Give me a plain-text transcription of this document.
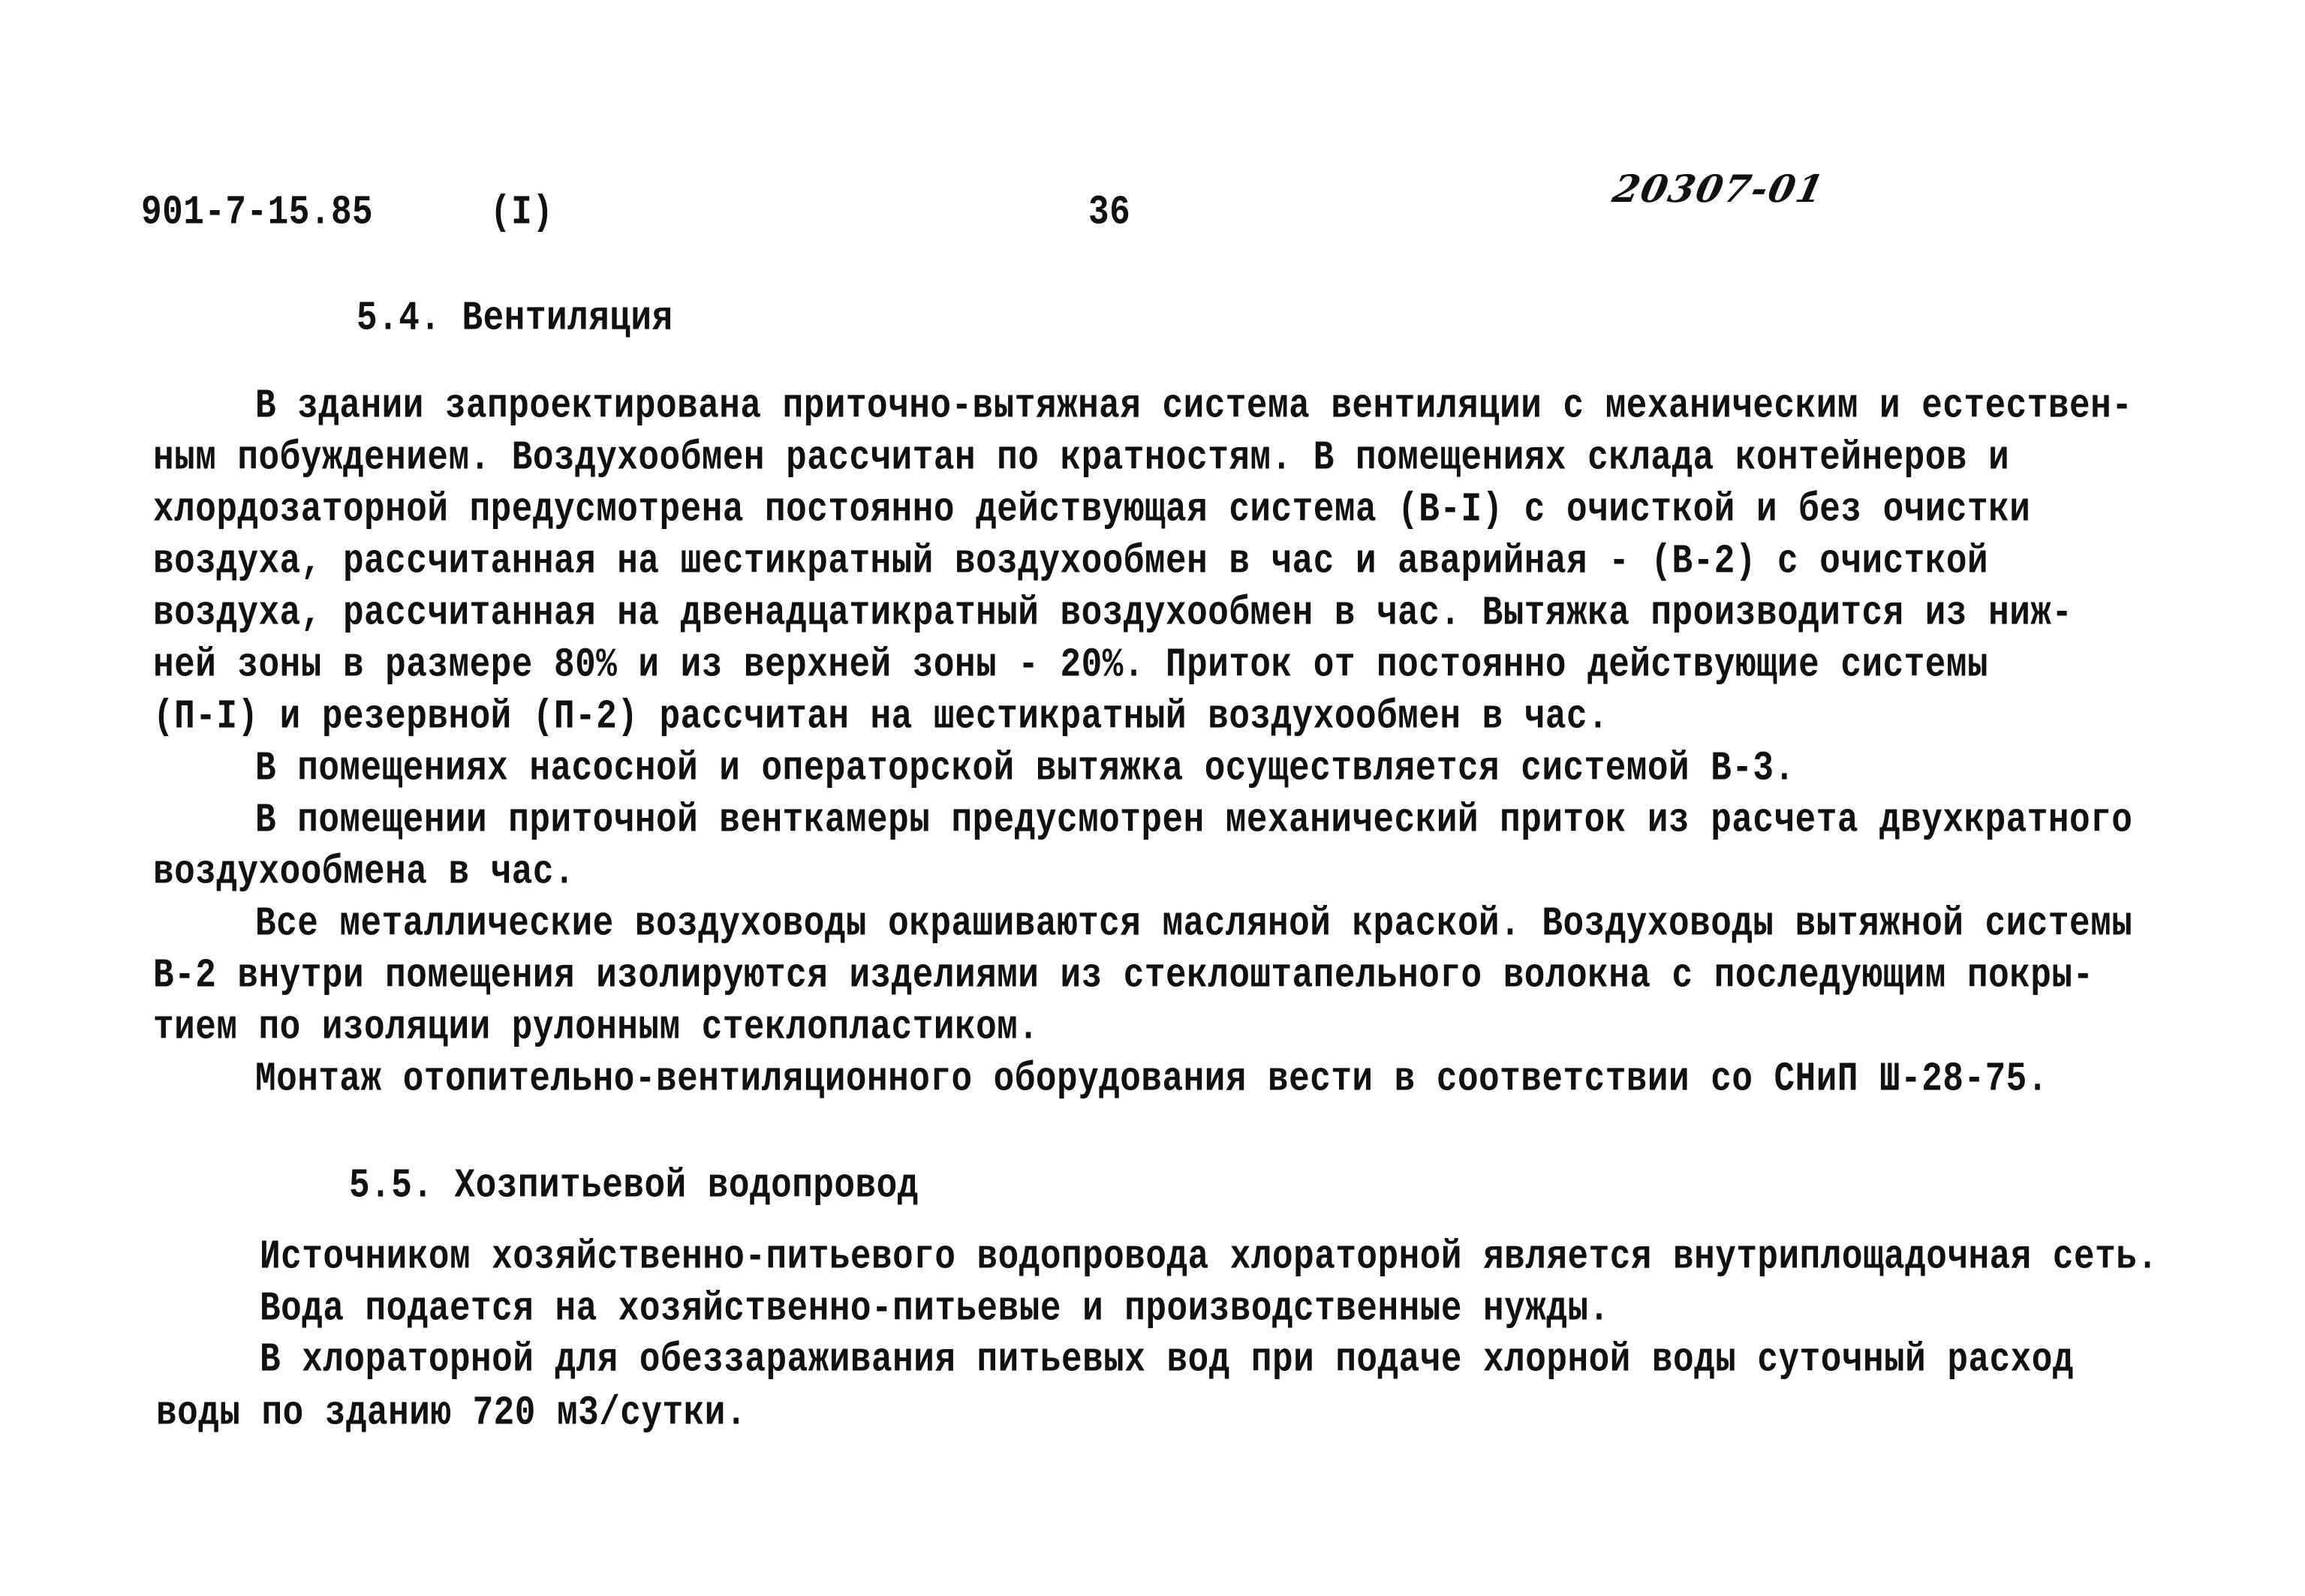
901-7-15.85	(I)	36
20307-01
5.4. Вентиляция
В здании запроектирована приточно-вытяжная система вентиляции с механическим и естествен-
ным побуждением. Воздухообмен рассчитан по кратностям. В помещениях склада контейнеров и
хлордозаторной предусмотрена постоянно действующая система (В-I) с очисткой и без очистки
воздуха, рассчитанная на шестикратный воздухообмен в час и аварийная - (В-2) с очисткой
воздуха, рассчитанная на двенадцатикратный воздухообмен в час. Вытяжка производится из ниж-
ней зоны в размере 80% и из верхней зоны - 20%. Приток от постоянно действующие системы
(П-I) и резервной (П-2) рассчитан на шестикратный воздухообмен в час.
В помещениях насосной и операторской вытяжка осуществляется системой В-3.
В помещении приточной венткамеры предусмотрен механический приток из расчета двухкратного
воздухообмена в час.
Все металлические воздуховоды окрашиваются масляной краской. Воздуховоды вытяжной системы
В-2 внутри помещения изолируются изделиями из стеклоштапельного волокна с последующим покры-
тием по изоляции рулонным стеклопластиком.
Монтаж отопительно-вентиляционного оборудования вести в соответствии со СНиП Ш-28-75.
5.5. Хозпитьевой водопровод
Источником хозяйственно-питьевого водопровода хлораторной является внутриплощадочная сеть.
Вода подается на хозяйственно-питьевые и производственные нужды.
В хлораторной для обеззараживания питьевых вод при подаче хлорной воды суточный расход
воды по зданию 720 м3/сутки.
